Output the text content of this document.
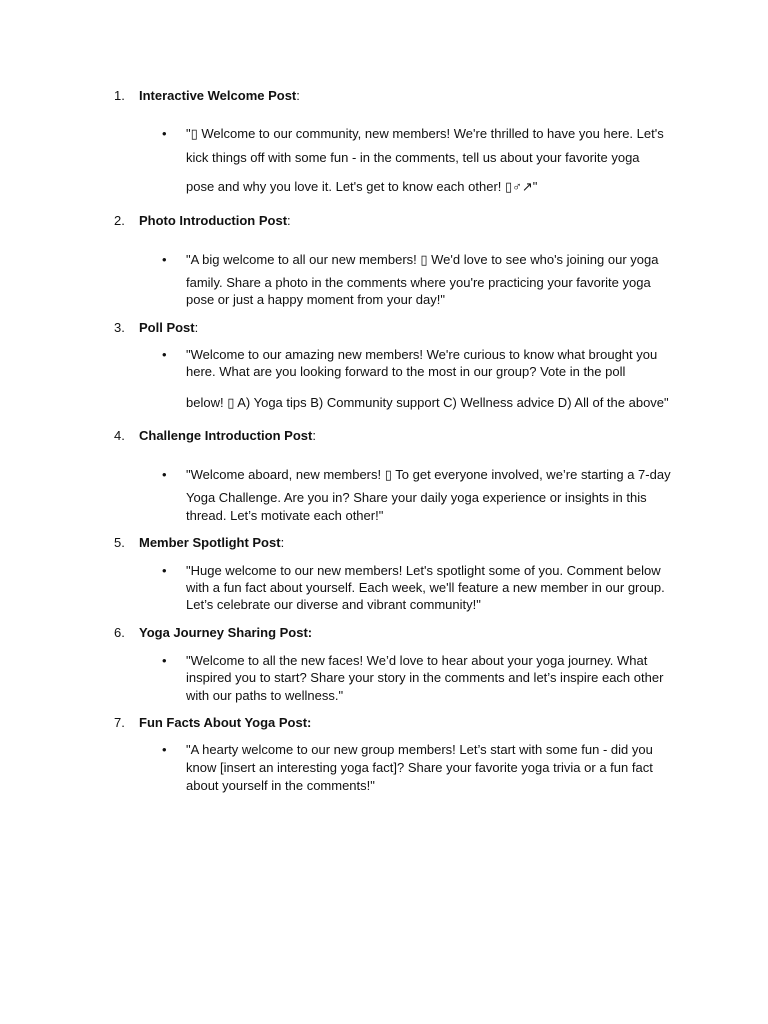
1. Interactive Welcome Post:
• "▯ Welcome to our community, new members! We're thrilled to have you here. Let's
kick things off with some fun - in the comments, tell us about your favorite yoga
pose and why you love it. Let's get to know each other! ▯♂↗"
2. Photo Introduction Post:
• "A big welcome to all our new members! ▯ We'd love to see who's joining our yoga
family. Share a photo in the comments where you're practicing your favorite yoga
pose or just a happy moment from your day!"
3. Poll Post:
• "Welcome to our amazing new members! We're curious to know what brought you
here. What are you looking forward to the most in our group? Vote in the poll
below! ▯ A) Yoga tips B) Community support C) Wellness advice D) All of the above"
4. Challenge Introduction Post:
• "Welcome aboard, new members! ▯ To get everyone involved, we’re starting a 7-day
Yoga Challenge. Are you in? Share your daily yoga experience or insights in this
thread. Let’s motivate each other!"
5. Member Spotlight Post:
• "Huge welcome to our new members! Let's spotlight some of you. Comment below
with a fun fact about yourself. Each week, we'll feature a new member in our group.
Let’s celebrate our diverse and vibrant community!"
6. Yoga Journey Sharing Post:
• "Welcome to all the new faces! We’d love to hear about your yoga journey. What
inspired you to start? Share your story in the comments and let’s inspire each other
with our paths to wellness."
7. Fun Facts About Yoga Post:
• "A hearty welcome to our new group members! Let’s start with some fun - did you
know [insert an interesting yoga fact]? Share your favorite yoga trivia or a fun fact
about yourself in the comments!"
